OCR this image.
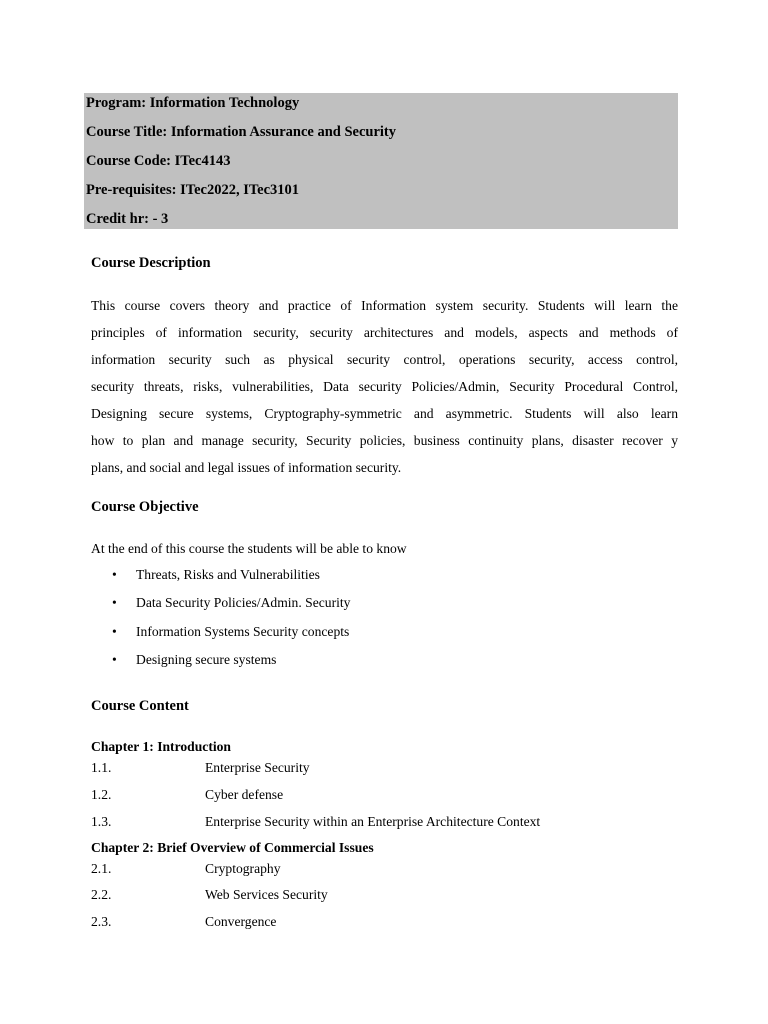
Program: Information Technology
Course Title: Information Assurance and Security
Course Code: ITec4143
Pre-requisites: ITec2022, ITec3101
Credit hr: - 3
Course Description
This course covers theory and practice of Information system security. Students will learn the
principles of information security, security architectures and models, aspects and methods of
information security such as physical security control, operations security, access control,
security threats, risks, vulnerabilities, Data security Policies/Admin, Security Procedural Control,
Designing secure systems, Cryptography-symmetric and asymmetric. Students will also learn
how to plan and manage security, Security policies, business continuity plans, disaster recover y
plans, and social and legal issues of information security.
Course Objective
At the end of this course the students will be able to know
• Threats, Risks and Vulnerabilities
• Data Security Policies/Admin. Security
• Information Systems Security concepts
• Designing secure systems
Course Content
Chapter 1: Introduction
1.1.	Enterprise Security
1.2.	Cyber defense
1.3.	Enterprise Security within an Enterprise Architecture Context
Chapter 2: Brief Overview of Commercial Issues
2.1.	Cryptography
2.2.	Web Services Security
2.3.	Convergence
